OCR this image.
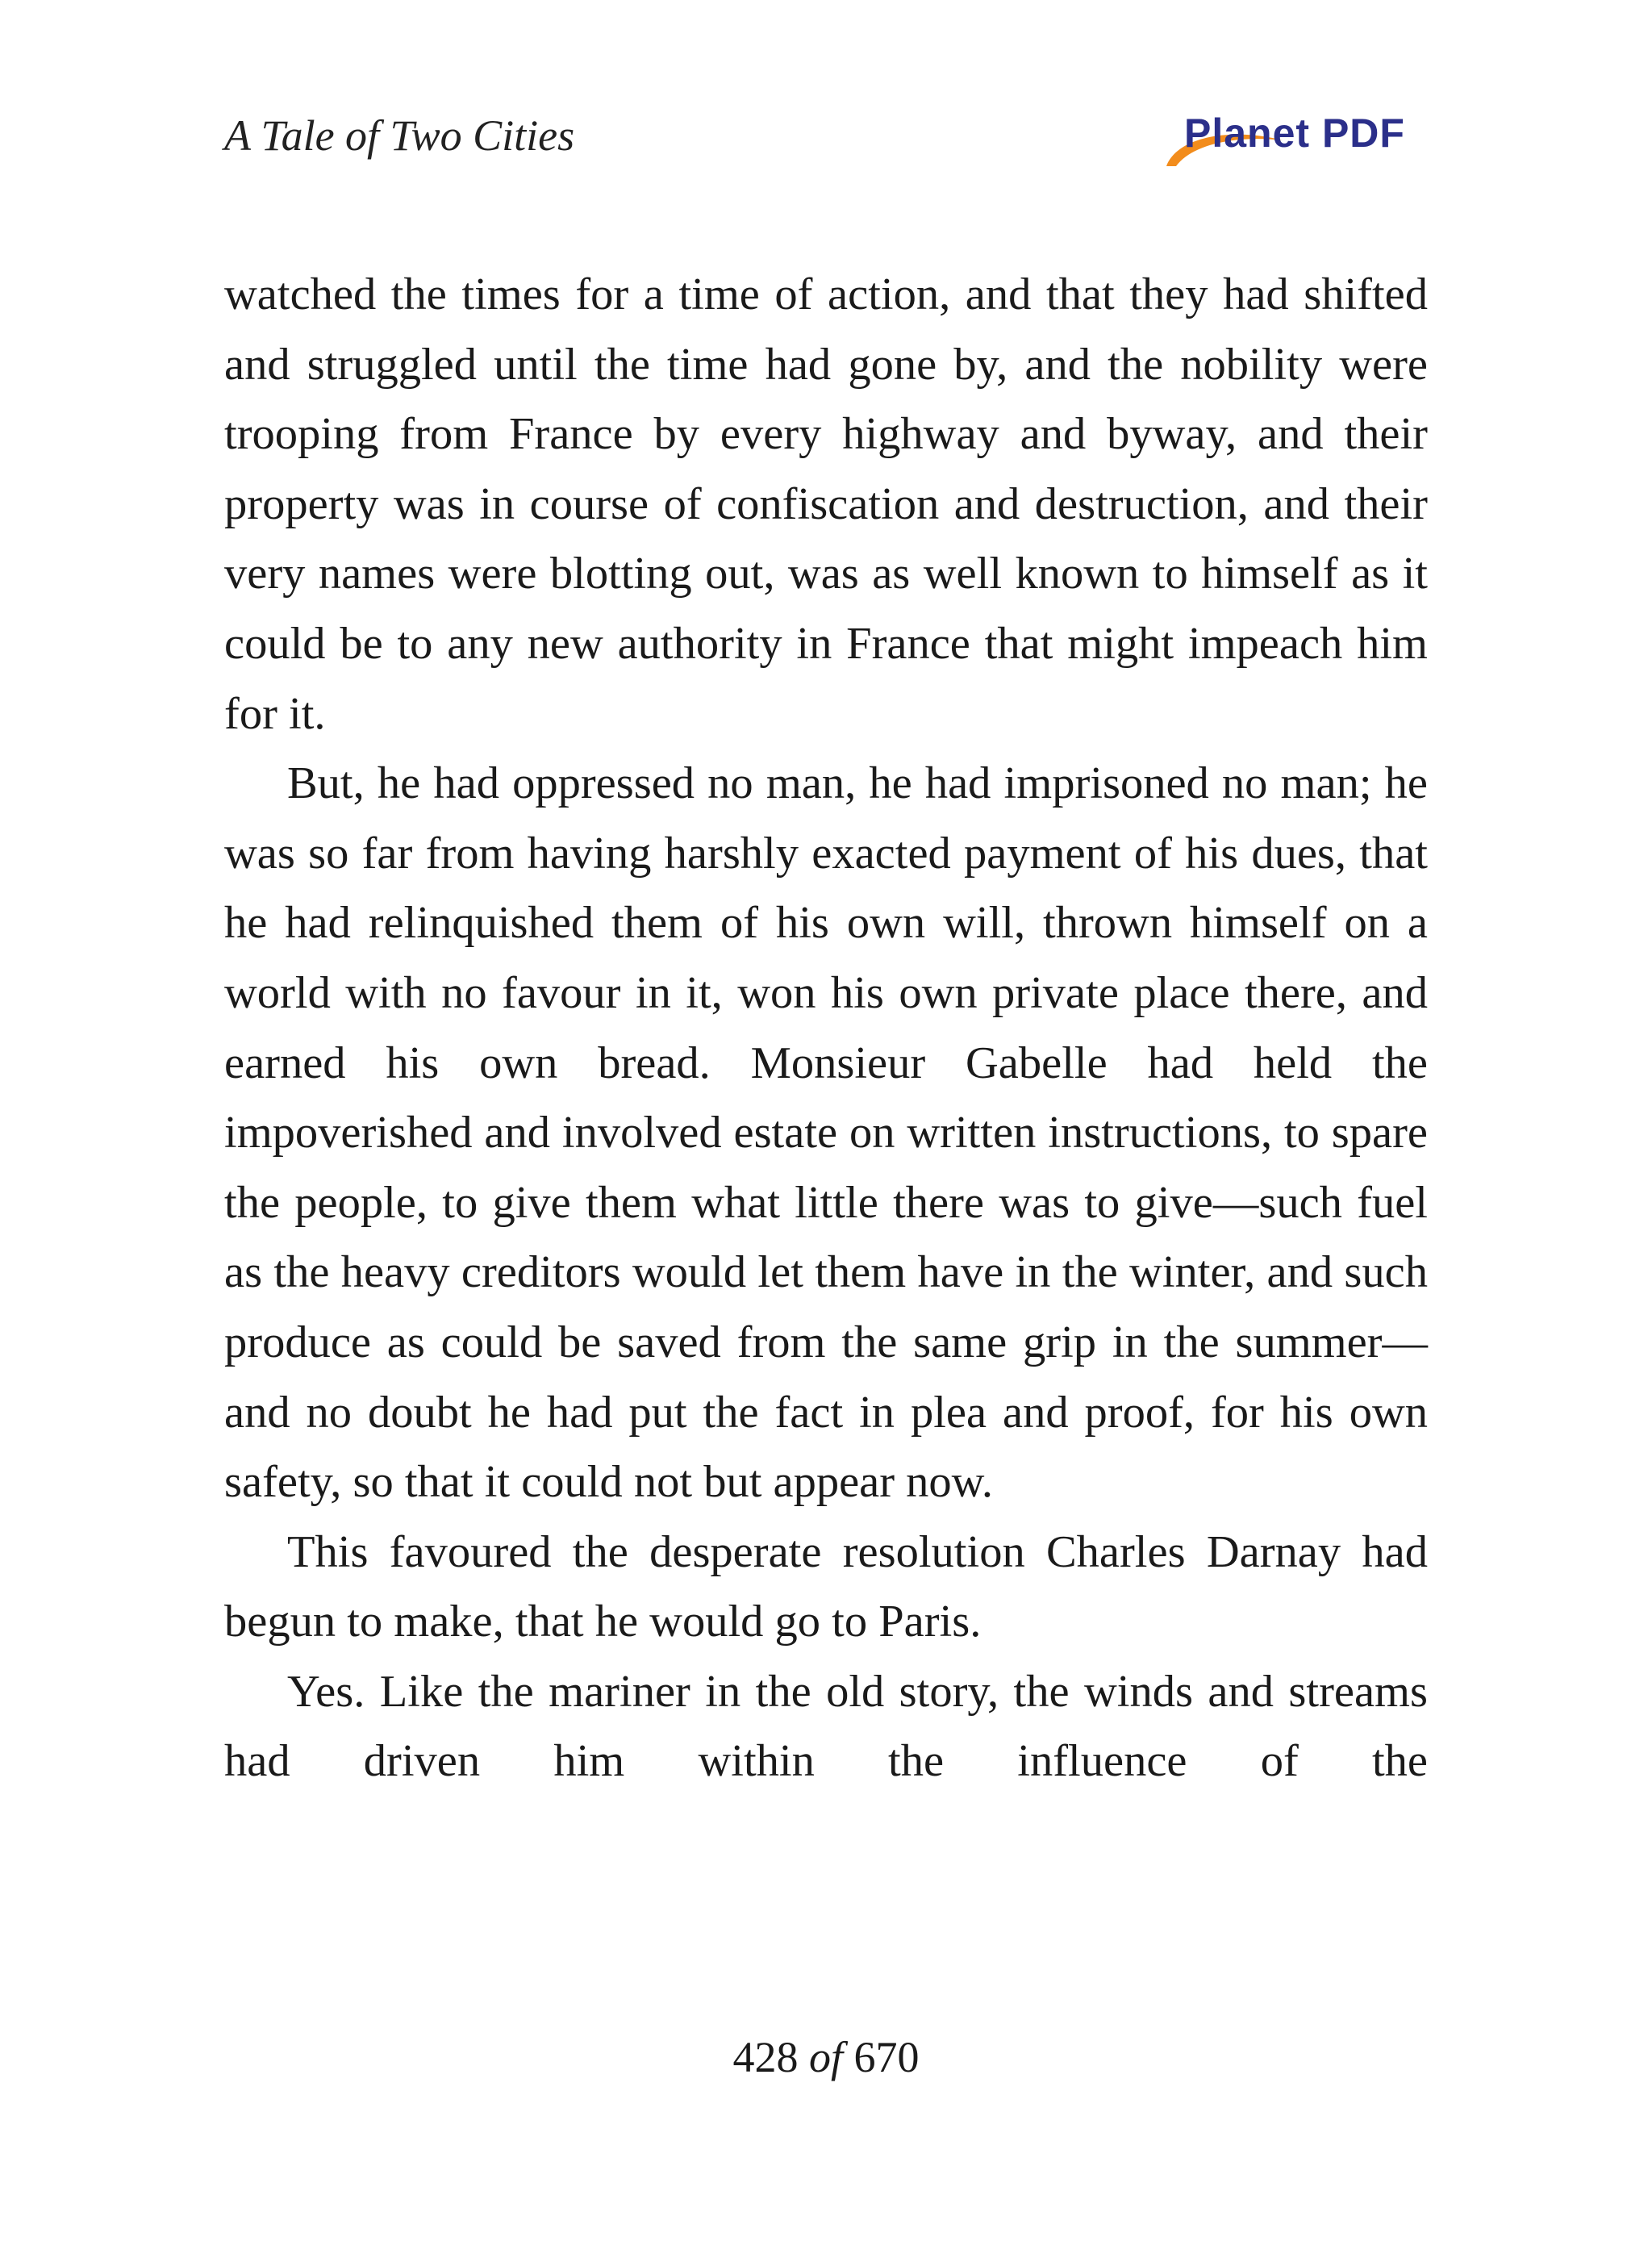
A Tale of Two Cities	Planet PDF

watched the times for a time of action, and that they had shifted and struggled until the time had gone by, and the nobility were trooping from France by every highway and byway, and their property was in course of confiscation and destruction, and their very names were blotting out, was as well known to himself as it could be to any new authority in France that might impeach him for it.

But, he had oppressed no man, he had imprisoned no man; he was so far from having harshly exacted payment of his dues, that he had relinquished them of his own will, thrown himself on a world with no favour in it, won his own private place there, and earned his own bread. Monsieur Gabelle had held the impoverished and involved estate on written instructions, to spare the people, to give them what little there was to give—such fuel as the heavy creditors would let them have in the winter, and such produce as could be saved from the same grip in the summer—and no doubt he had put the fact in plea and proof, for his own safety, so that it could not but appear now.

This favoured the desperate resolution Charles Darnay had begun to make, that he would go to Paris.

Yes. Like the mariner in the old story, the winds and streams had driven him within the influence of the

428 of 670
